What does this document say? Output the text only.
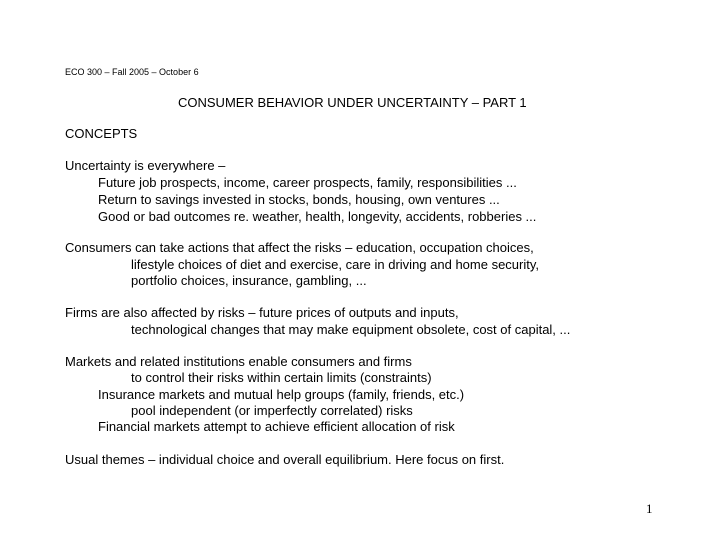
ECO 300 – Fall 2005 – October 6
CONSUMER BEHAVIOR UNDER UNCERTAINTY – PART 1
CONCEPTS
Uncertainty is everywhere –
Future job prospects, income, career prospects, family, responsibilities ...
Return to savings invested in stocks, bonds, housing, own ventures ...
Good or bad outcomes re. weather, health, longevity, accidents, robberies ...
Consumers can take actions that affect the risks – education, occupation choices,
lifestyle choices of diet and exercise, care in driving and home security,
portfolio choices, insurance, gambling, ...
Firms are also affected by risks – future prices of outputs and inputs,
technological changes that may make equipment obsolete, cost of capital, ...
Markets and related institutions enable consumers and firms
to control their risks within certain limits (constraints)
Insurance markets and mutual help groups (family, friends, etc.)
pool independent (or imperfectly correlated) risks
Financial markets attempt to achieve efficient allocation of risk
Usual themes – individual choice and overall equilibrium. Here focus on first.
1
